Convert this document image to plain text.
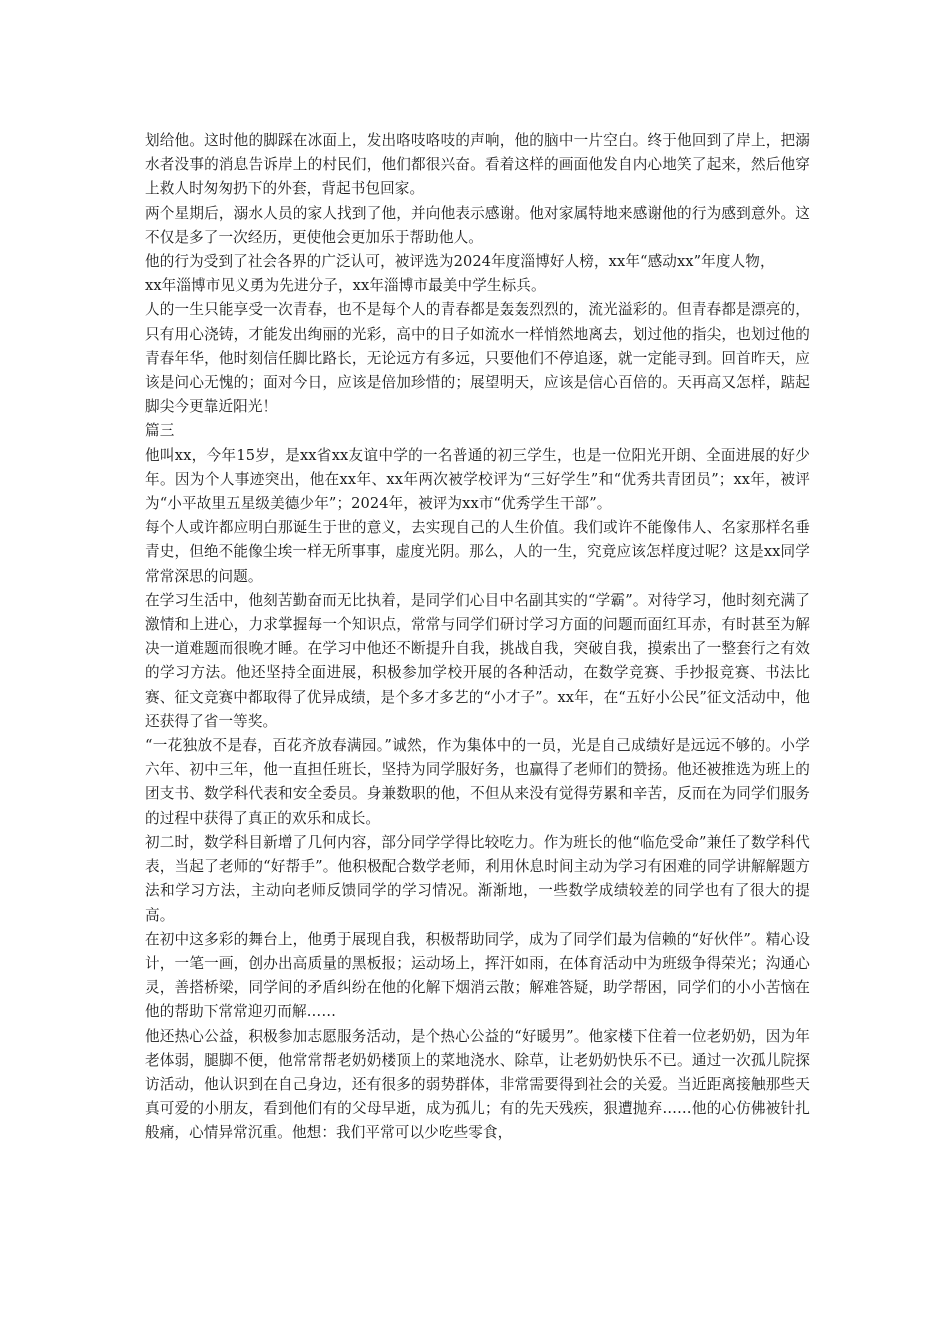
划给他。这时他的脚踩在冰面上，发出咯吱咯吱的声响，他的脑中一片空白。终于他回到了岸上，把溺水者没事的消息告诉岸上的村民们，他们都很兴奋。看着这样的画面他发自内心地笑了起来，然后他穿上救人时匆匆扔下的外套，背起书包回家。

两个星期后，溺水人员的家人找到了他，并向他表示感谢。他对家属特地来感谢他的行为感到意外。这不仅是多了一次经历，更使他会更加乐于帮助他人。

他的行为受到了社会各界的广泛认可，被评选为2024年度淄博好人榜，xx年“感动xx”年度人物，

xx年淄博市见义勇为先进分子，xx年淄博市最美中学生标兵。

人的一生只能享受一次青春，也不是每个人的青春都是轰轰烈烈的，流光溢彩的。但青春都是漂亮的，只有用心浇铸，才能发出绚丽的光彩，高中的日子如流水一样悄然地离去，划过他的指尖，也划过他的青春年华，他时刻信任脚比路长，无论远方有多远，只要他们不停追逐，就一定能寻到。回首昨天，应该是问心无愧的；面对今日，应该是倍加珍惜的；展望明天，应该是信心百倍的。天再高又怎样，踮起脚尖今更靠近阳光！

篇三

他叫xx，今年15岁，是xx省xx友谊中学的一名普通的初三学生，也是一位阳光开朗、全面进展的好少年。因为个人事迹突出，他在xx年、xx年两次被学校评为“三好学生”和“优秀共青团员”；xx年，被评为“小平故里五星级美德少年”；2024年，被评为xx市“优秀学生干部”。

每个人或许都应明白那诞生于世的意义，去实现自己的人生价值。我们或许不能像伟人、名家那样名垂青史，但绝不能像尘埃一样无所事事，虚度光阴。那么，人的一生，究竟应该怎样度过呢？这是xx同学常常深思的问题。

在学习生活中，他刻苦勤奋而无比执着，是同学们心目中名副其实的“学霸”。对待学习，他时刻充满了激情和上进心，力求掌握每一个知识点，常常与同学们研讨学习方面的问题而面红耳赤，有时甚至为解决一道难题而很晚才睡。在学习中他还不断提升自我，挑战自我，突破自我，摸索出了一整套行之有效的学习方法。他还坚持全面进展，积极参加学校开展的各种活动，在数学竞赛、手抄报竞赛、书法比赛、征文竞赛中都取得了优异成绩，是个多才多艺的“小才子”。xx年，在“五好小公民”征文活动中，他还获得了省一等奖。

“一花独放不是春，百花齐放春满园。”诚然，作为集体中的一员，光是自己成绩好是远远不够的。小学六年、初中三年，他一直担任班长，坚持为同学服好务，也赢得了老师们的赞扬。他还被推选为班上的团支书、数学科代表和安全委员。身兼数职的他，不但从来没有觉得劳累和辛苦，反而在为同学们服务的过程中获得了真正的欢乐和成长。

初二时，数学科目新增了几何内容，部分同学学得比较吃力。作为班长的他“临危受命”兼任了数学科代表，当起了老师的“好帮手”。他积极配合数学老师，利用休息时间主动为学习有困难的同学讲解解题方法和学习方法，主动向老师反馈同学的学习情况。渐渐地，一些数学成绩较差的同学也有了很大的提高。

在初中这多彩的舞台上，他勇于展现自我，积极帮助同学，成为了同学们最为信赖的“好伙伴”。精心设计，一笔一画，创办出高质量的黑板报；运动场上，挥汗如雨，在体育活动中为班级争得荣光；沟通心灵，善搭桥梁，同学间的矛盾纠纷在他的化解下烟消云散；解难答疑，助学帮困，同学们的小小苦恼在他的帮助下常常迎刃而解……

他还热心公益，积极参加志愿服务活动，是个热心公益的“好暖男”。他家楼下住着一位老奶奶，因为年老体弱，腿脚不便，他常常帮老奶奶楼顶上的菜地浇水、除草，让老奶奶快乐不已。通过一次孤儿院探访活动，他认识到在自己身边，还有很多的弱势群体，非常需要得到社会的关爱。当近距离接触那些天真可爱的小朋友，看到他们有的父母早逝，成为孤儿；有的先天残疾，狠遭抛弃……他的心仿佛被针扎般痛，心情异常沉重。他想：我们平常可以少吃些零食，
